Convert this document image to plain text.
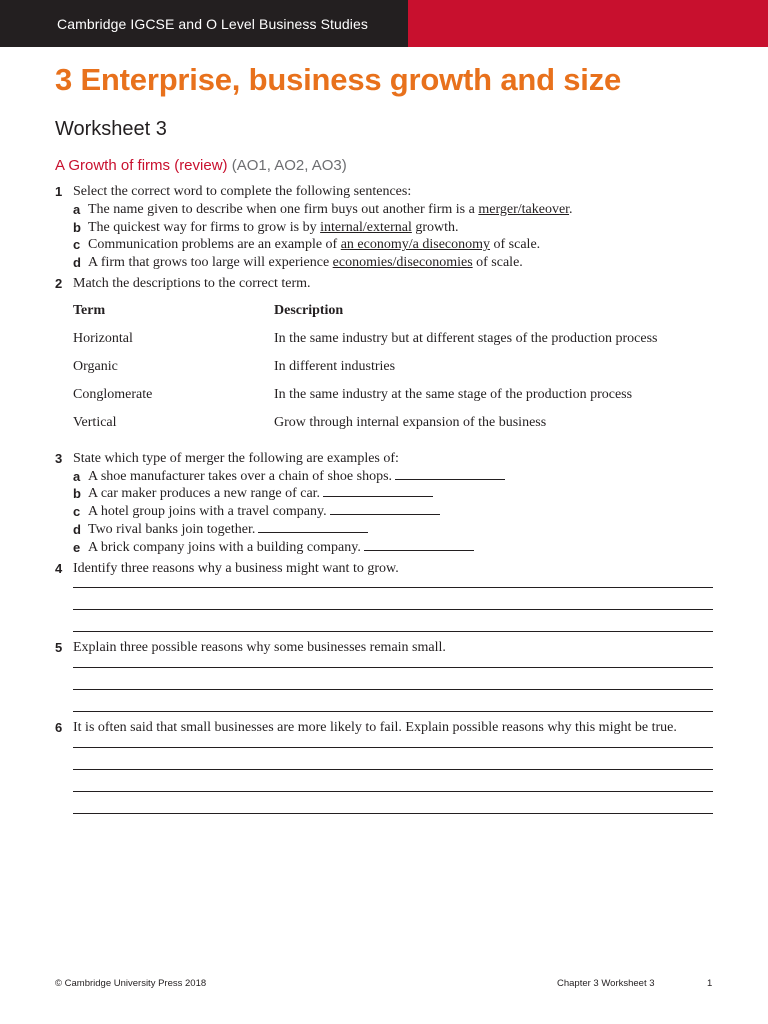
Cambridge IGCSE and O Level Business Studies
3 Enterprise, business growth and size
Worksheet 3
A Growth of firms (review) (AO1, AO2, AO3)
1 Select the correct word to complete the following sentences:
a The name given to describe when one firm buys out another firm is a merger/takeover.
b The quickest way for firms to grow is by internal/external growth.
c Communication problems are an example of an economy/a diseconomy of scale.
d A firm that grows too large will experience economies/diseconomies of scale.
2 Match the descriptions to the correct term.
Term	Description
Horizontal	In the same industry but at different stages of the production process
Organic	In different industries
Conglomerate	In the same industry at the same stage of the production process
Vertical	Grow through internal expansion of the business
3 State which type of merger the following are examples of:
a A shoe manufacturer takes over a chain of shoe shops.
b A car maker produces a new range of car.
c A hotel group joins with a travel company.
d Two rival banks join together.
e A brick company joins with a building company.
4 Identify three reasons why a business might want to grow.
5 Explain three possible reasons why some businesses remain small.
6 It is often said that small businesses are more likely to fail. Explain possible reasons why this might be true.
© Cambridge University Press 2018	Chapter 3 Worksheet 3	1
